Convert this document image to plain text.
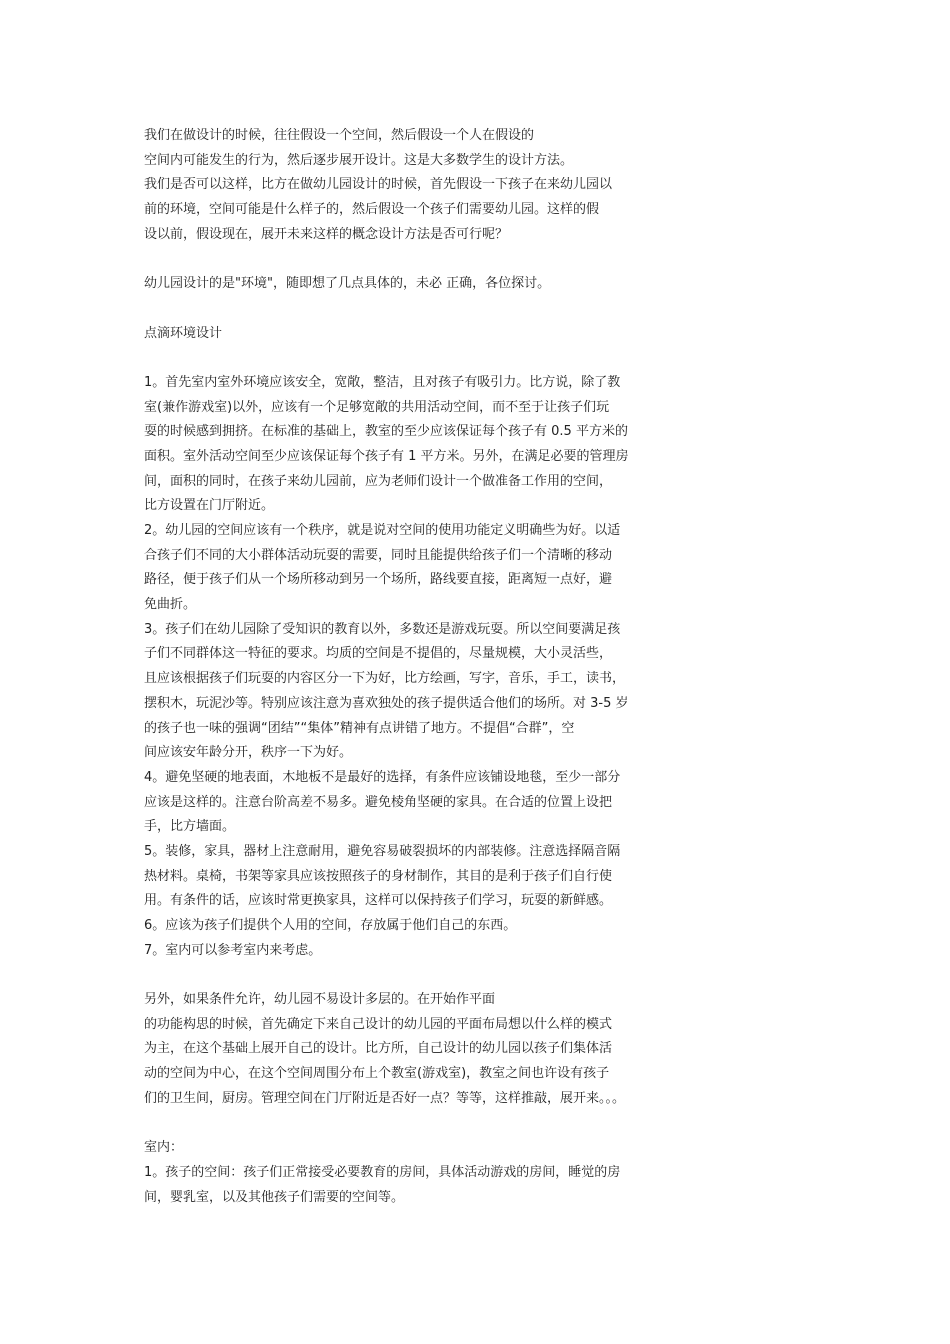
我们在做设计的时候，往往假设一个空间，然后假设一个人在假设的
空间内可能发生的行为，然后逐步展开设计。这是大多数学生的设计方法。
我们是否可以这样，比方在做幼儿园设计的时候，首先假设一下孩子在来幼儿园以
前的环境，空间可能是什么样子的，然后假设一个孩子们需要幼儿园。这样的假
设以前，假设现在，展开未来这样的概念设计方法是否可行呢？
幼儿园设计的是"环境"，随即想了几点具体的，未必 正确，各位探讨。
点滴环境设计
1。首先室内室外环境应该安全，宽敞，整洁，且对孩子有吸引力。比方说，除了教
室(兼作游戏室)以外，应该有一个足够宽敞的共用活动空间，而不至于让孩子们玩
耍的时候感到拥挤。在标准的基础上，教室的至少应该保证每个孩子有 0.5 平方米的
面积。室外活动空间至少应该保证每个孩子有 1 平方米。另外，在满足必要的管理房
间，面积的同时，在孩子来幼儿园前，应为老师们设计一个做准备工作用的空间，
比方设置在门厅附近。
2。幼儿园的空间应该有一个秩序，就是说对空间的使用功能定义明确些为好。以适
合孩子们不同的大小群体活动玩耍的需要，同时且能提供给孩子们一个清晰的移动
路径，便于孩子们从一个场所移动到另一个场所，路线要直接，距离短一点好，避
免曲折。
3。孩子们在幼儿园除了受知识的教育以外，多数还是游戏玩耍。所以空间要满足孩
子们不同群体这一特征的要求。均质的空间是不提倡的，尽量规模，大小灵活些，
且应该根据孩子们玩耍的内容区分一下为好，比方绘画，写字，音乐，手工，读书，
摆积木，玩泥沙等。特别应该注意为喜欢独处的孩子提供适合他们的场所。对 3-5 岁
的孩子也一味的强调“团结”“集体”精神有点讲错了地方。不提倡“合群”，空
间应该安年龄分开，秩序一下为好。
4。避免坚硬的地表面，木地板不是最好的选择，有条件应该铺设地毯，至少一部分
应该是这样的。注意台阶高差不易多。避免棱角坚硬的家具。在合适的位置上设把
手，比方墙面。
5。装修，家具，器材上注意耐用，避免容易破裂损坏的内部装修。注意选择隔音隔
热材料。桌椅，书架等家具应该按照孩子的身材制作，其目的是利于孩子们自行使
用。有条件的话，应该时常更换家具，这样可以保持孩子们学习，玩耍的新鲜感。
6。应该为孩子们提供个人用的空间，存放属于他们自己的东西。
7。室内可以参考室内来考虑。
另外，如果条件允许，幼儿园不易设计多层的。在开始作平面
的功能构思的时候，首先确定下来自己设计的幼儿园的平面布局想以什么样的模式
为主，在这个基础上展开自己的设计。比方所，自己设计的幼儿园以孩子们集体活
动的空间为中心，在这个空间周围分布上个教室(游戏室)，教室之间也许设有孩子
们的卫生间，厨房。管理空间在门厅附近是否好一点？等等，这样推敲，展开来。。。
室内：
1。孩子的空间：孩子们正常接受必要教育的房间，具体活动游戏的房间，睡觉的房
间，婴乳室，以及其他孩子们需要的空间等。
